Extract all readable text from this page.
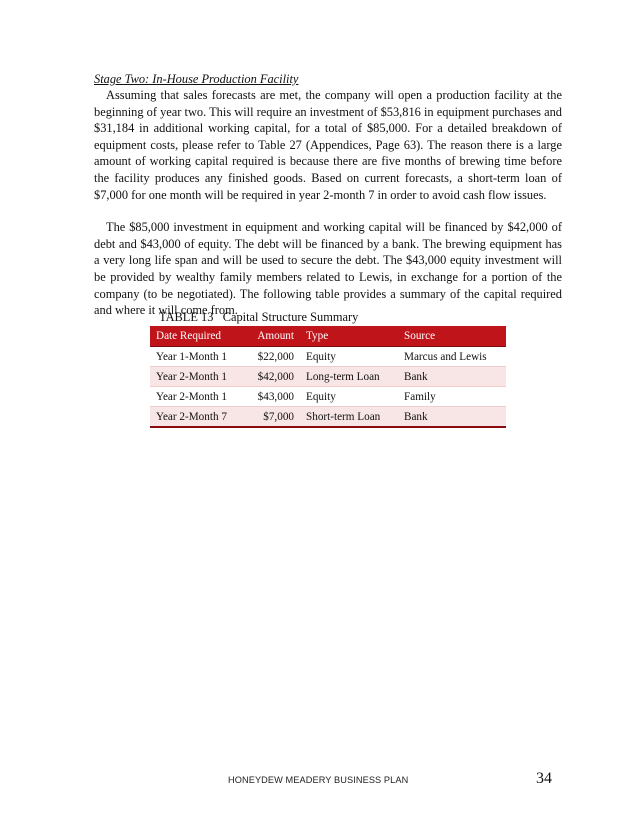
Stage Two: In-House Production Facility

Assuming that sales forecasts are met, the company will open a production facility at the beginning of year two. This will require an investment of $53,816 in equipment purchases and $31,184 in additional working capital, for a total of $85,000. For a detailed breakdown of equipment costs, please refer to Table 27 (Appendices, Page 63). The reason there is a large amount of working capital required is because there are five months of brewing time before the facility produces any finished goods. Based on current forecasts, a short-term loan of $7,000 for one month will be required in year 2-month 7 in order to avoid cash flow issues.

The $85,000 investment in equipment and working capital will be financed by $42,000 of debt and $43,000 of equity. The debt will be financed by a bank. The brewing equipment has a very long life span and will be used to secure the debt. The $43,000 equity investment will be provided by wealthy family members related to Lewis, in exchange for a portion of the company (to be negotiated). The following table provides a summary of the capital required and where it will come from.

TABLE 13   Capital Structure Summary

Date Required	Amount	Type	Source
Year 1-Month 1	$22,000	Equity	Marcus and Lewis
Year 2-Month 1	$42,000	Long-term Loan	Bank
Year 2-Month 1	$43,000	Equity	Family
Year 2-Month 7	$7,000	Short-term Loan	Bank
HONEYDEW MEADERY BUSINESS PLAN	34
